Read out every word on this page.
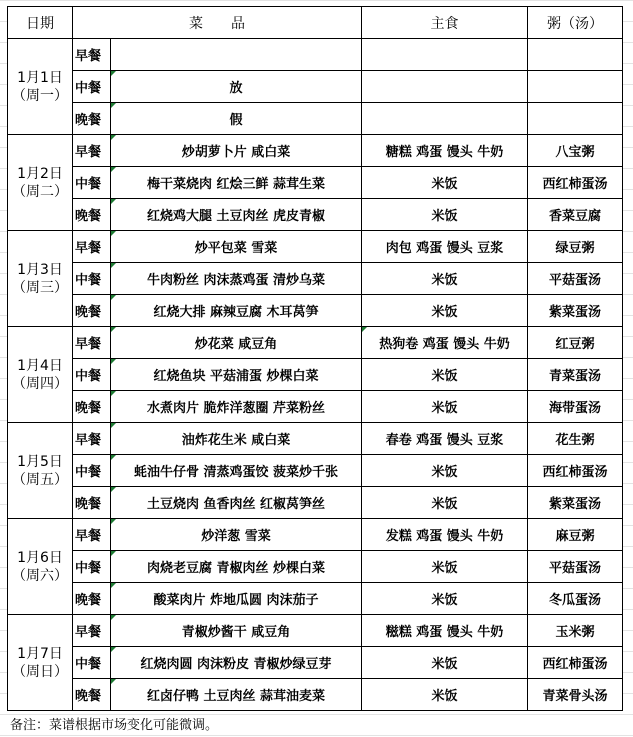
日期	菜　　品		主食	粥（汤）
1月1日
（周一）	早餐			
	中餐	放		
	晚餐	假		
1月2日
（周二）	早餐	炒胡萝卜片 咸白菜	糖糕 鸡蛋 馒头 牛奶	八宝粥
	中餐	梅干菜烧肉 红烩三鲜 蒜茸生菜	米饭	西红柿蛋汤
	晚餐	红烧鸡大腿 土豆肉丝 虎皮青椒	米饭	香菜豆腐
1月3日
（周三）	早餐	炒平包菜 雪菜	肉包 鸡蛋 馒头 豆浆	绿豆粥
	中餐	牛肉粉丝 肉沫蒸鸡蛋 清炒乌菜	米饭	平菇蛋汤
	晚餐	红烧大排 麻辣豆腐 木耳莴笋	米饭	紫菜蛋汤
1月4日
（周四）	早餐	炒花菜 咸豆角	热狗卷 鸡蛋 馒头 牛奶	红豆粥
	中餐	红烧鱼块 平菇浦蛋 炒棵白菜	米饭	青菜蛋汤
	晚餐	水煮肉片 脆炸洋葱圈 芹菜粉丝	米饭	海带蛋汤
1月5日
（周五）	早餐	油炸花生米 咸白菜	春卷 鸡蛋 馒头 豆浆	花生粥
	中餐	蚝油牛仔骨 清蒸鸡蛋饺 菠菜炒千张	米饭	西红柿蛋汤
	晚餐	土豆烧肉 鱼香肉丝 红椒莴笋丝	米饭	紫菜蛋汤
1月6日
（周六）	早餐	炒洋葱 雪菜	发糕 鸡蛋 馒头 牛奶	麻豆粥
	中餐	肉烧老豆腐 青椒肉丝 炒棵白菜	米饭	平菇蛋汤
	晚餐	酸菜肉片 炸地瓜圆 肉沫茄子	米饭	冬瓜蛋汤
1月7日
（周日）	早餐	青椒炒酱干 咸豆角	糍糕 鸡蛋 馒头 牛奶	玉米粥
	中餐	红烧肉圆 肉沫粉皮 青椒炒绿豆芽	米饭	西红柿蛋汤
	晚餐	红卤仔鸭 土豆肉丝 蒜茸油麦菜	米饭	青菜骨头汤
备注：菜谱根据市场变化可能微调。
